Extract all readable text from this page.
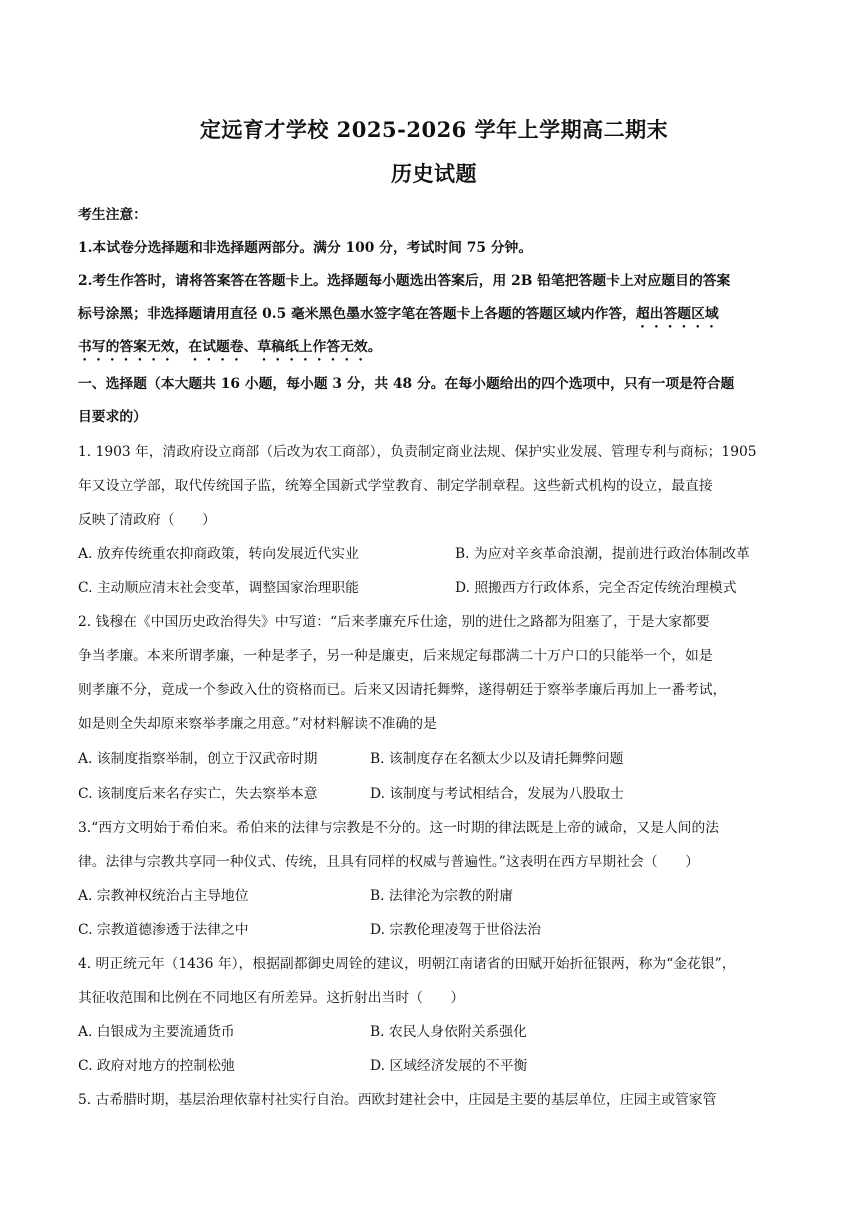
定远育才学校 2025-2026 学年上学期高二期末
历史试题
考生注意：
1.本试卷分选择题和非选择题两部分。满分 100 分，考试时间 75 分钟。
2.考生作答时，请将答案答在答题卡上。选择题每小题选出答案后，用 2B 铅笔把答题卡上对应题目的答案
标号涂黑；非选择题请用直径 0.5 毫米黑色墨水签字笔在答题卡上各题的答题区域内作答，超出答题区域
书写的答案无效，在试题卷、草稿纸上作答无效。
一、选择题（本大题共 16 小题，每小题 3 分，共 48 分。在每小题给出的四个选项中，只有一项是符合题
目要求的）
1. 1903 年，清政府设立商部（后改为农工商部），负责制定商业法规、保护实业发展、管理专利与商标；1905
年又设立学部，取代传统国子监，统筹全国新式学堂教育、制定学制章程。这些新式机构的设立，最直接
反映了清政府（　　）
A. 放弃传统重农抑商政策，转向发展近代实业	B. 为应对辛亥革命浪潮，提前进行政治体制改革
C. 主动顺应清末社会变革，调整国家治理职能	D. 照搬西方行政体系，完全否定传统治理模式
2. 钱穆在《中国历史政治得失》中写道：“后来孝廉充斥仕途，别的进仕之路都为阻塞了，于是大家都要
争当孝廉。本来所谓孝廉，一种是孝子，另一种是廉吏，后来规定每郡满二十万户口的只能举一个，如是
则孝廉不分，竟成一个参政入仕的资格而已。后来又因请托舞弊，遂得朝廷于察举孝廉后再加上一番考试，
如是则全失却原来察举孝廉之用意。”对材料解读不准确的是
A. 该制度指察举制，创立于汉武帝时期	B. 该制度存在名额太少以及请托舞弊问题
C. 该制度后来名存实亡，失去察举本意	D. 该制度与考试相结合，发展为八股取士
3.“西方文明始于希伯来。希伯来的法律与宗教是不分的。这一时期的律法既是上帝的诫命，又是人间的法
律。法律与宗教共享同一种仪式、传统，且具有同样的权威与普遍性。”这表明在西方早期社会（　　）
A. 宗教神权统治占主导地位	B. 法律沦为宗教的附庸
C. 宗教道德渗透于法律之中	D. 宗教伦理凌驾于世俗法治
4. 明正统元年（1436 年），根据副都御史周铨的建议，明朝江南诸省的田赋开始折征银两，称为“金花银”，
其征收范围和比例在不同地区有所差异。这折射出当时（　　）
A. 白银成为主要流通货币	B. 农民人身依附关系强化
C. 政府对地方的控制松弛	D. 区域经济发展的不平衡
5. 古希腊时期，基层治理依靠村社实行自治。西欧封建社会中，庄园是主要的基层单位，庄园主或管家管
